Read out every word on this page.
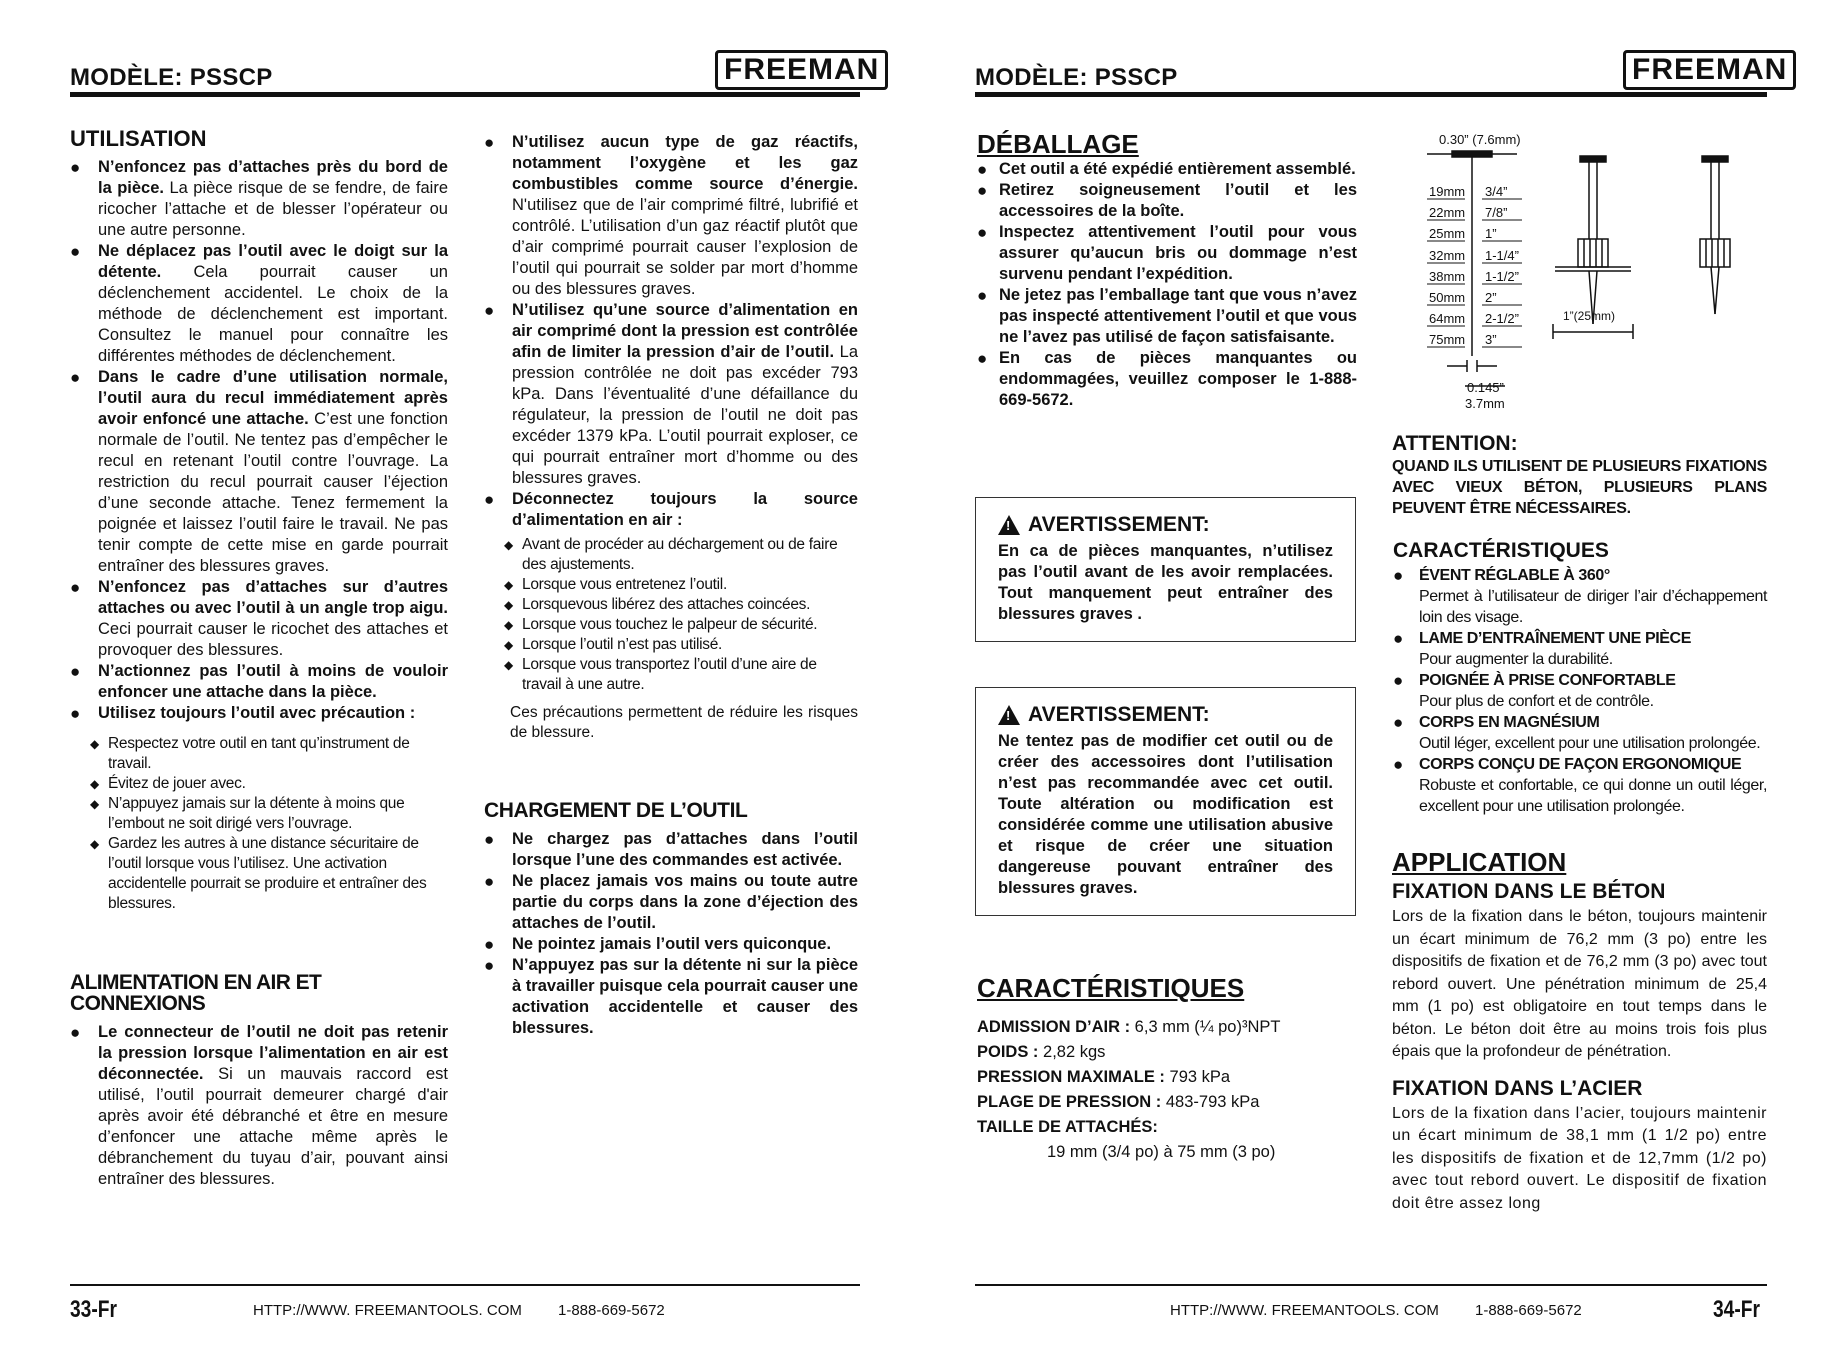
MODÈLE: PSSCP	FREEMAN
UTILISATION
● N’enfoncez pas d’attaches près du bord de la pièce. La pièce risque de se fendre, de faire ricocher l’attache et de blesser l’opérateur ou une autre personne.
● Ne déplacez pas l’outil avec le doigt sur la détente. Cela pourrait causer un déclenchement accidentel. Le choix de la méthode de déclenchement est important. Consultez le manuel pour connaître les différentes méthodes de déclenchement.
● Dans le cadre d’une utilisation normale, l’outil aura du recul immédiatement après avoir enfoncé une attache. C’est une fonction normale de l’outil. Ne tentez pas d’empêcher le recul en retenant l’outil contre l’ouvrage. La restriction du recul pourrait causer l’éjection d’une seconde attache. Tenez fermement la poignée et laissez l’outil faire le travail. Ne pas tenir compte de cette mise en garde pourrait entraîner des blessures graves.
● N’enfoncez pas d’attaches sur d’autres attaches ou avec l’outil à un angle trop aigu. Ceci pourrait causer le ricochet des attaches et provoquer des blessures.
● N’actionnez pas l’outil à moins de vouloir enfoncer une attache dans la pièce.
● Utilisez toujours l’outil avec précaution :
◆ Respectez votre outil en tant qu’instrument de travail.
◆ Évitez de jouer avec.
◆ N’appuyez jamais sur la détente à moins que l’embout ne soit dirigé vers l’ouvrage.
◆ Gardez les autres à une distance sécuritaire de l’outil lorsque vous l’utilisez. Une activation accidentelle pourrait se produire et entraîner des blessures.
ALIMENTATION EN AIR ET CONNEXIONS
● Le connecteur de l’outil ne doit pas retenir la pression lorsque l’alimentation en air est déconnectée. Si un mauvais raccord est utilisé, l’outil pourrait demeurer chargé d'air après avoir été débranché et être en mesure d’enfoncer une attache même après le débranchement du tuyau d’air, pouvant ainsi entraîner des blessures.
● N’utilisez aucun type de gaz réactifs, notamment l’oxygène et les gaz combustibles comme source d’énergie. N'utilisez que de l’air comprimé filtré, lubrifié et contrôlé. L’utilisation d’un gaz réactif plutôt que d’air comprimé pourrait causer l’explosion de l’outil qui pourrait se solder par mort d’homme ou des blessures graves.
● N’utilisez qu’une source d’alimentation en air comprimé dont la pression est contrôlée afin de limiter la pression d’air de l’outil. La pression contrôlée ne doit pas excéder 793 kPa. Dans l’éventualité d’une défaillance du régulateur, la pression de l’outil ne doit pas excéder 1379 kPa. L’outil pourrait exploser, ce qui pourrait entraîner mort d’homme ou des blessures graves.
● Déconnectez toujours la source d’alimentation en air :
◆ Avant de procéder au déchargement ou de faire des ajustements.
◆ Lorsque vous entretenez l’outil.
◆ Lorsquevous libérez des attaches coincées.
◆ Lorsque vous touchez le palpeur de sécurité.
◆ Lorsque l’outil n’est pas utilisé.
◆ Lorsque vous transportez l’outil d’une aire de travail à une autre.

Ces précautions permettent de réduire les risques de blessure.

CHARGEMENT DE L’OUTIL
● Ne chargez pas d’attaches dans l’outil lorsque l’une des commandes est activée.
● Ne placez jamais vos mains ou toute autre partie du corps dans la zone d’éjection des attaches de l’outil.
● Ne pointez jamais l’outil vers quiconque.
● N’appuyez pas sur la détente ni sur la pièce à travailler puisque cela pourrait causer une activation accidentelle et causer des blessures.
33-Fr	HTTP://WWW. FREEMANTOOLS. COM 1-888-669-5672
MODÈLE: PSSCP	FREEMAN
DÉBALLAGE
● Cet outil a été expédié entièrement assemblé.
● Retirez soigneusement l’outil et les accessoires de la boîte.
● Inspectez attentivement l’outil pour vous assurer qu’aucun bris ou dommage n’est survenu pendant l’expédition.
● Ne jetez pas l’emballage tant que vous n’avez pas inspecté attentivement l’outil et que vous ne l’avez pas utilisé de façon satisfaisante.
● En cas de pièces manquantes ou endommagées, veuillez composer le 1-888-669-5672.
! AVERTISSEMENT:
En ca de pièces manquantes, n’utilisez pas l’outil avant de les avoir remplacées. Tout manquement peut entraîner des blessures graves .
! AVERTISSEMENT:
Ne tentez pas de modifier cet outil ou de créer des accessoires dont l’utilisation n’est pas recommandée avec cet outil. Toute altération ou modification est considérée comme une utilisation abusive et risque de créer une situation dangereuse pouvant entraîner des blessures graves.
CARACTÉRISTIQUES

ADMISSION D’AIR : 6,3 mm (¼ po)³NPT

POIDS : 2,82 kgs

PRESSION MAXIMALE : 793 kPa

PLAGE DE PRESSION : 483-793 kPa

TAILLE DE ATTACHÉS:

19 mm (3/4 po) à 75 mm (3 po)

0.30” (7.6mm)
19mm 3/4”
22mm 7/8”
25mm 1”
32mm 1-1/4”
38mm 1-1/2”
50mm 2”
64mm 2-1/2”
75mm 3”
0.145”
3.7mm
1”(25mm)
ATTENTION:
QUAND ILS UTILISENT DE PLUSIEURS FIXATIONS AVEC VIEUX BÉTON, PLUSIEURS PLANS PEUVENT ÊTRE NÉCESSAIRES.
CARACTÉRISTIQUES
● ÉVENT RÉGLABLE À 360°
Permet à l’utilisateur de diriger l’air d’échappement loin des visage.
● LAME D’ENTRAÎNEMENT UNE PIÈCE
Pour augmenter la durabilité.
● POIGNÉE À PRISE CONFORTABLE
Pour plus de confort et de contrôle.
● CORPS EN MAGNÉSIUM
Outil léger, excellent pour une utilisation prolongée.
● CORPS CONÇU DE FAÇON ERGONOMIQUE
Robuste et confortable, ce qui donne un outil léger, excellent pour une utilisation prolongée.
APPLICATION
FIXATION DANS LE BÉTON
Lors de la fixation dans le béton, toujours maintenir un écart minimum de 76,2 mm (3 po) entre les dispositifs de fixation et de 76,2 mm (3 po) avec tout rebord ouvert. Une pénétration minimum de 25,4 mm (1 po) est obligatoire en tout temps dans le béton. Le béton doit être au moins trois fois plus épais que la profondeur de pénétration.
FIXATION DANS L’ACIER
Lors de la fixation dans l’acier, toujours maintenir un écart minimum de 38,1 mm (1 1/2 po) entre les dispositifs de fixation et de 12,7mm (1/2 po) avec tout rebord ouvert. Le dispositif de fixation doit être assez long
HTTP://WWW. FREEMANTOOLS. COM 1-888-669-5672	34-Fr
